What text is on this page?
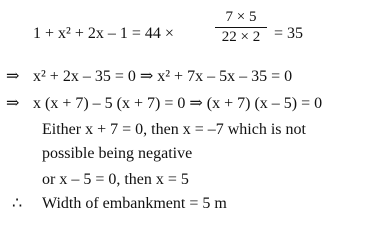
1 + x² + 2x – 1 = 44 ×
7 × 5
22 × 2 = 35
⇒ x² + 2x – 35 = 0 ⇒ x² + 7x – 5x – 35 = 0
⇒ x (x + 7) – 5 (x + 7) = 0 ⇒ (x + 7) (x – 5) = 0
Either x + 7 = 0, then x = –7 which is not
possible being negative
or x – 5 = 0, then x = 5
∴ Width of embankment = 5 m
